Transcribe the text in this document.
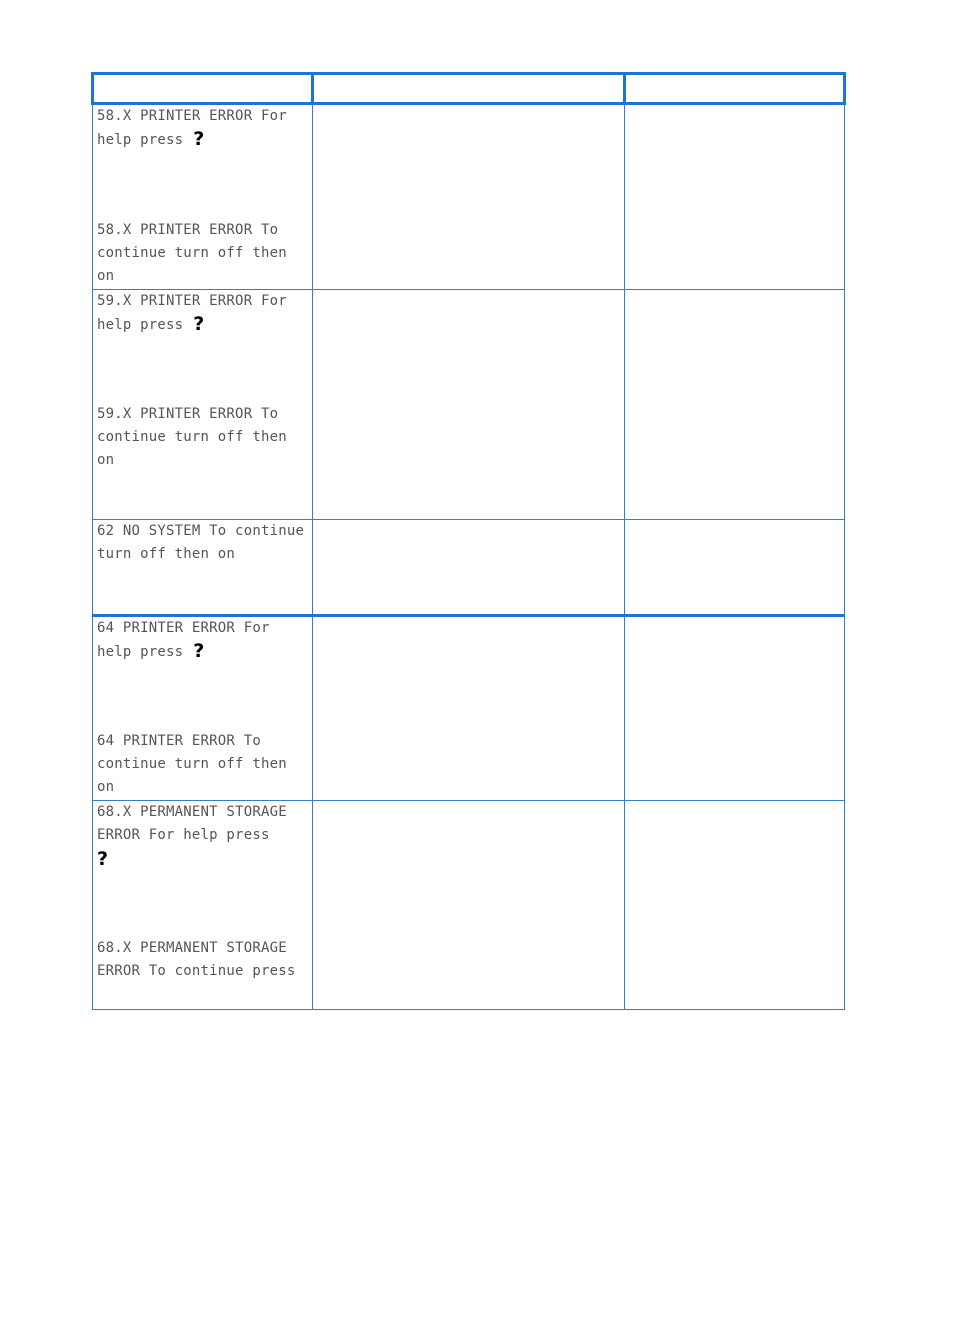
58.X PRINTER ERROR For help press ?
58.X PRINTER ERROR To continue turn off then on		

59.X PRINTER ERROR For help press ?
59.X PRINTER ERROR To continue turn off then on		

62 NO SYSTEM To continue turn off then on		

64 PRINTER ERROR For help press ?
64 PRINTER ERROR To continue turn off then on		

68.X PERMANENT STORAGE ERROR For help press
?
68.X PERMANENT STORAGE ERROR To continue press		
